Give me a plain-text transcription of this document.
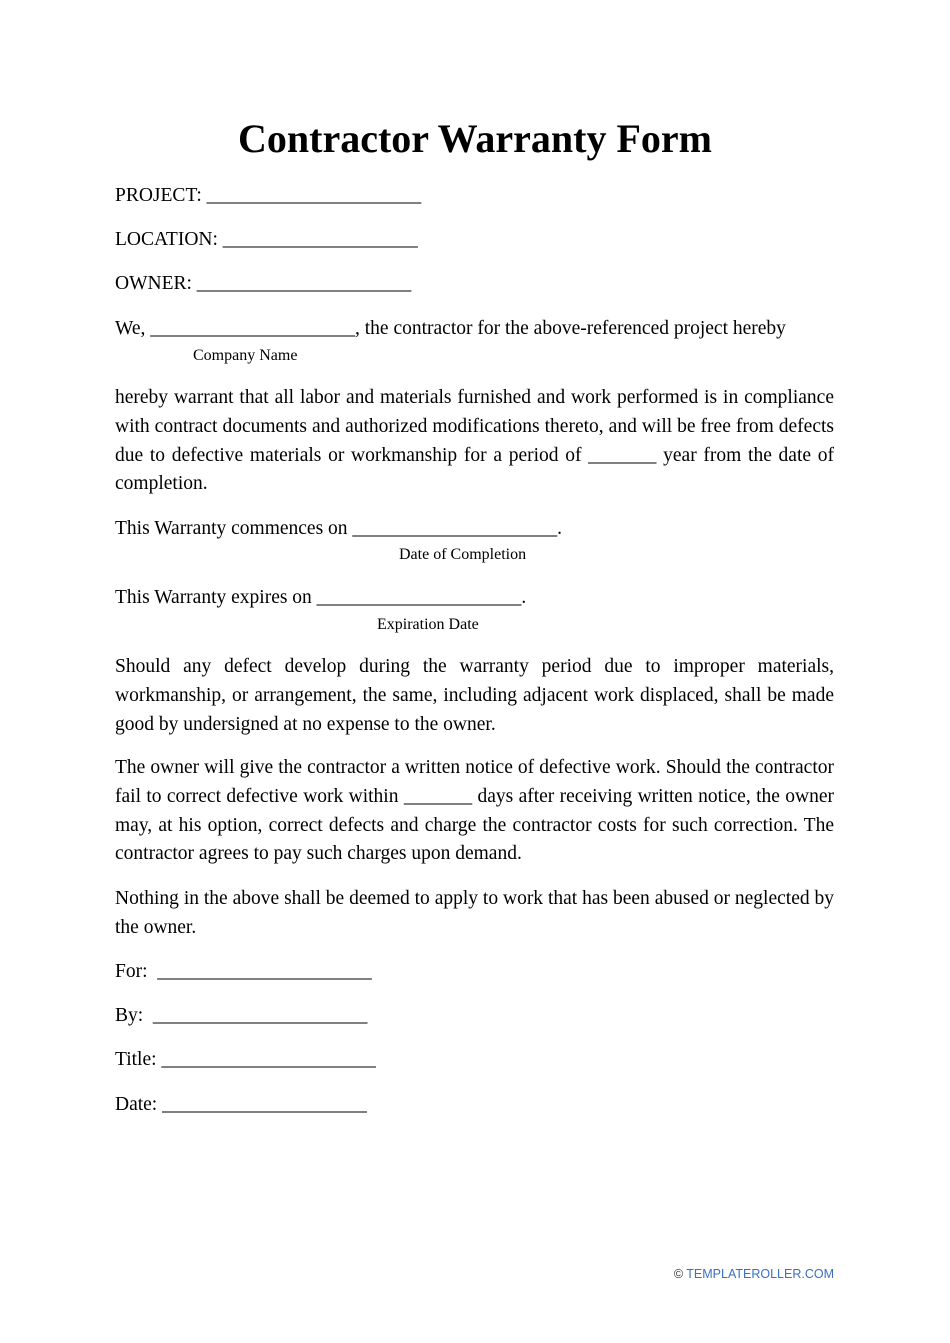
Contractor Warranty Form
PROJECT: ______________________
LOCATION: ____________________
OWNER: ______________________
We, _____________________, the contractor for the above-referenced project hereby
Company Name
hereby warrant that all labor and materials furnished and work performed is in compliance with contract documents and authorized modifications thereto, and will be free from defects due to defective materials or workmanship for a period of _______ year from the date of completion.
This Warranty commences on _____________________.
Date of Completion
This Warranty expires on _____________________.
Expiration Date
Should any defect develop during the warranty period due to improper materials, workmanship, or arrangement, the same, including adjacent work displaced, shall be made good by undersigned at no expense to the owner.
The owner will give the contractor a written notice of defective work. Should the contractor fail to correct defective work within _______ days after receiving written notice, the owner may, at his option, correct defects and charge the contractor costs for such correction. The contractor agrees to pay such charges upon demand.
Nothing in the above shall be deemed to apply to work that has been abused or neglected by the owner.
For:  ______________________
By:  ______________________
Title: ______________________
Date: _____________________
© TEMPLATEROLLER.COM
